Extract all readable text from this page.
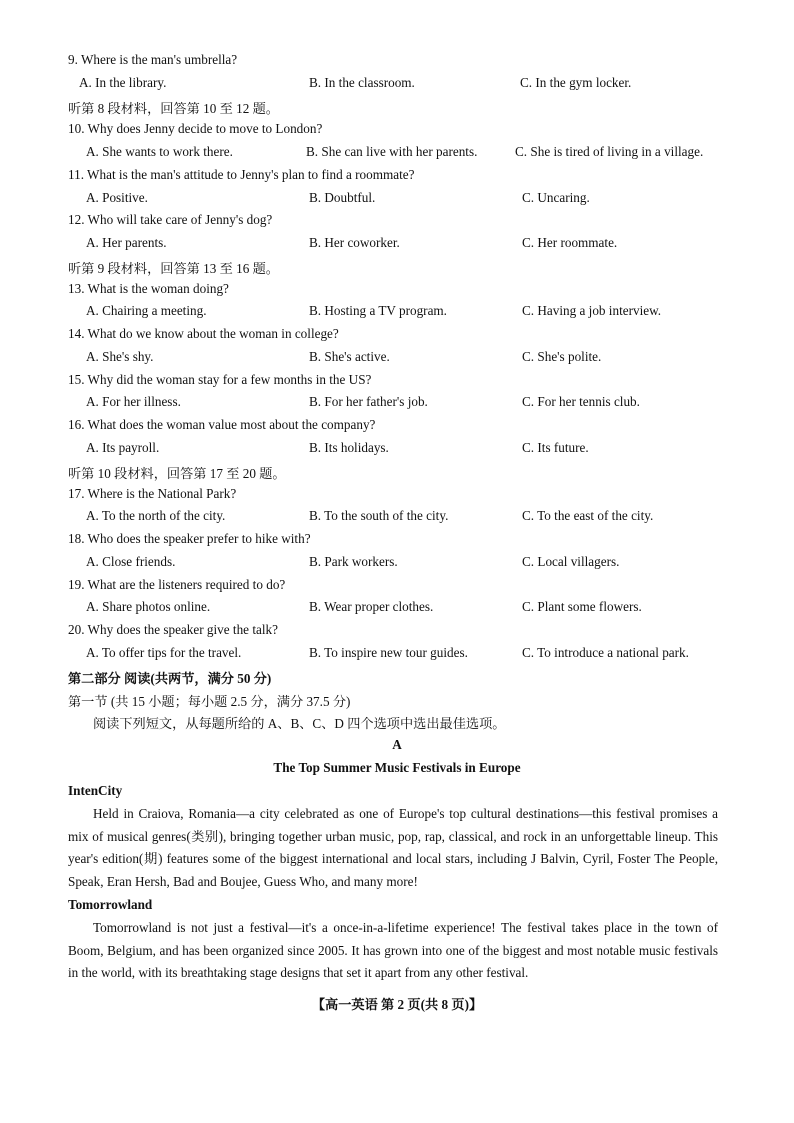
9. Where is the man's umbrella?
A. In the library.	B. In the classroom.	C. In the gym locker.
听第 8 段材料，回答第 10 至 12 题。
10. Why does Jenny decide to move to London?
A. She wants to work there.	B. She can live with her parents.	C. She is tired of living in a village.
11. What is the man's attitude to Jenny's plan to find a roommate?
A. Positive.	B. Doubtful.	C. Uncaring.
12. Who will take care of Jenny's dog?
A. Her parents.	B. Her coworker.	C. Her roommate.
听第 9 段材料，回答第 13 至 16 题。
13. What is the woman doing?
A. Chairing a meeting.	B. Hosting a TV program.	C. Having a job interview.
14. What do we know about the woman in college?
A. She's shy.	B. She's active.	C. She's polite.
15. Why did the woman stay for a few months in the US?
A. For her illness.	B. For her father's job.	C. For her tennis club.
16. What does the woman value most about the company?
A. Its payroll.	B. Its holidays.	C. Its future.
听第 10 段材料，回答第 17 至 20 题。
17. Where is the National Park?
A. To the north of the city.	B. To the south of the city.	C. To the east of the city.
18. Who does the speaker prefer to hike with?
A. Close friends.	B. Park workers.	C. Local villagers.
19. What are the listeners required to do?
A. Share photos online.	B. Wear proper clothes.	C. Plant some flowers.
20. Why does the speaker give the talk?
A. To offer tips for the travel.	B. To inspire new tour guides.	C. To introduce a national park.
第二部分 阅读(共两节，满分 50 分)
第一节 (共 15 小题；每小题 2.5 分，满分 37.5 分)
阅读下列短文，从每题所给的 A、B、C、D 四个选项中选出最佳选项。
A
The Top Summer Music Festivals in Europe
IntenCity
Held in Craiova, Romania—a city celebrated as one of Europe's top cultural destinations—this festival promises a mix of musical genres(类别), bringing together urban music, pop, rap, classical, and rock in an unforgettable lineup. This year's edition(期) features some of the biggest international and local stars, including J Balvin, Cyril, Foster The People, Speak, Eran Hersh, Bad and Boujee, Guess Who, and many more!
Tomorrowland
Tomorrowland is not just a festival—it's a once-in-a-lifetime experience! The festival takes place in the town of Boom, Belgium, and has been organized since 2005. It has grown into one of the biggest and most notable music festivals in the world, with its breathtaking stage designs that set it apart from any other festival.
【高一英语 第 2 页(共 8 页)】
